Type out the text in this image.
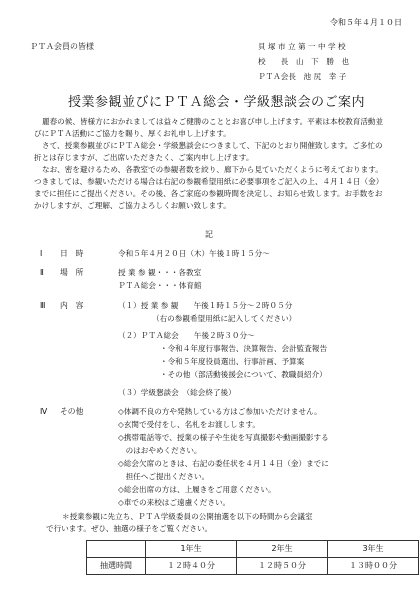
令和５年４月１０日
ＰＴＡ会員の皆様	貝 塚 市 立 第 一 中 学 校
校　　長　山　下　勝　也
ＰＴＡ会長　池 尻　幸 子
授業参観並びにＰＴＡ総会・学級懇談会のご案内
麗春の候、皆様方におかれましては益々ご健勝のこととお喜び申し上げます。平素は本校教育活動並びにＰＴＡ活動にご協力を賜り、厚くお礼申し上げます。
さて、授業参観並びにＰＴＡ総会・学級懇談会につきまして、下記のとおり開催致します。ご多忙の折とは存じますが、ご出席いただきたく、ご案内申し上げます。
なお、密を避けるため、各教室での参観者数を絞り、廊下から見ていただくように考えております。つきましては、参観いただける場合は右記の参観希望用紙に必要事項をご記入の上、４月１４日（金）までに担任にご提出ください。その後、各ご家庭の参観時間を決定し、お知らせ致します。お手数をおかけしますが、ご理解、ご協力よろしくお願い致します。
記
Ⅰ 日　時	令和５年４月２０日（木）午後１時１５分～
Ⅱ 場　所	授 業 参 観・・・各教室
ＰＴＡ総会・・・体育館
Ⅲ 内　容	（１）授 業 参 観　　午後１時１５分～２時０５分
（右の参観希望用紙に記入してください）
（２）ＰＴＡ総会　　午後２時３０分～
・令和４年度行事報告、決算報告、会計監査報告
・令和５年度役員選出、行事計画、予算案
・その他（部活動後援会について、教職員紹介）
（３）学級懇談会　（総会終了後）
Ⅳ その他	◇体調不良の方や発熱している方はご参加いただけません。
◇玄関で受付をし、名札をお渡しします。
◇携帯電話等で、授業の様子や生徒を写真撮影や動画撮影する
　のはおやめください。
◇総会欠席のときは、右記の委任状を４月１４日（金）までに
　担任へご提出ください。
◇総会出席の方は、上履きをご用意ください。
◇車での来校はご遠慮ください。
＊授業参観に先立ち、ＰＴＡ学級委員の公開抽選を以下の時間から会議室
で行います。ぜひ、抽選の様子をご覧ください。
	1年生	2年生	3年生
抽選時間	１２時４０分	１２時５０分	１３時００分
